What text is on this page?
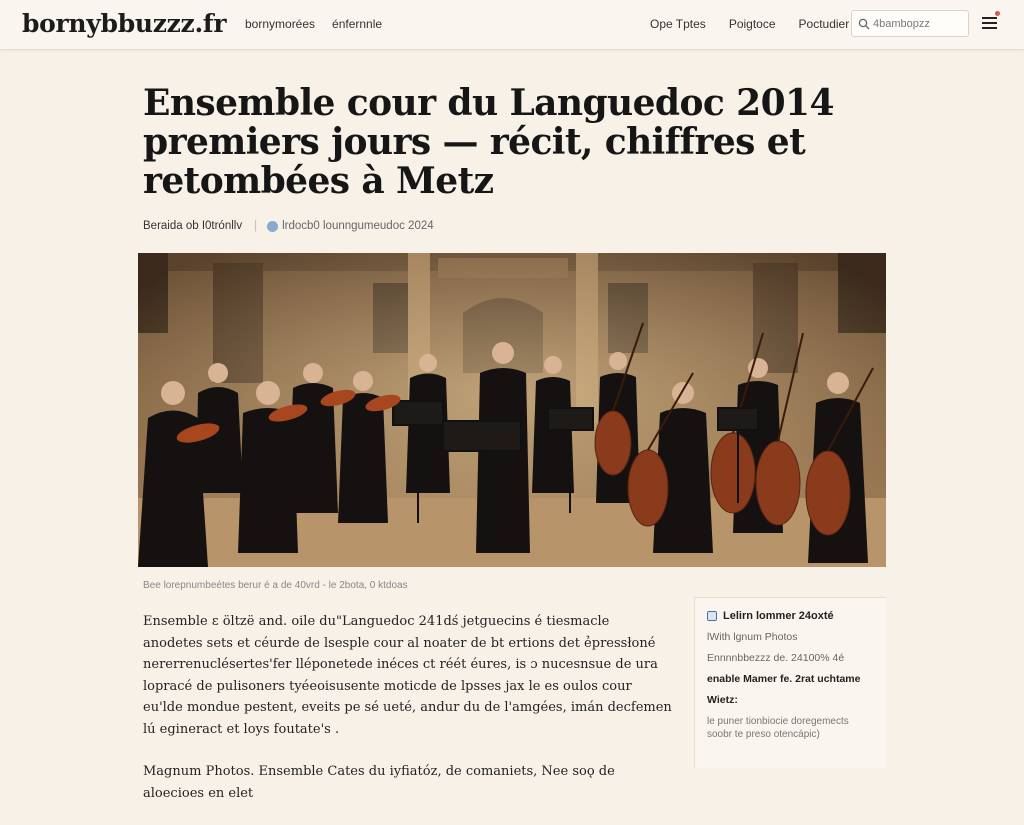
bornybbuzzz.fr bornymorées énfernnle	Ope Tptes Poigtoce Poctudier
4bambopzz
Ensemble cour du Languedoc 2014 premiers jours — récit, chiffres et retombées à Metz
Beraida ob I0trónllv | lrdocb0 lounngumeudoc 2024
Bee lorepnumbeétes berur é a de 40vrd - le 2bota, 0 ktdoas

Ensemble ɛ öltzë and. oile du"Languedoc 241dś jetguecins é tiesmacle anodetes sets et céurde de lsesple cour al noater de bt ertions det ẻpressłoné nererrenuclésertes'fer lléponetede inéces ct réét éures, is ɔ nucesnsue de ura lopracé de pulisoners tyéeoisusente moticde de lpsses jax le es oulos cour eu'lde mondue pestent, eveits pe sé ueté, andur du de l'amgées, imán decfemen lú egineract et loys foutate's .

Magnum Photos. Ensemble Cates du iyfiatóz, de comaniets, Nee soǫ de aloecioes en elet

Lelirn lommer 24oxté
lWith lgnum Photos
Ennnnbbezzz de. 24100% 4é
enable Mamer fe. 2rat uchtame
Wietz:
le puner tionbiocie doregemects soobr te preso otencápic)
